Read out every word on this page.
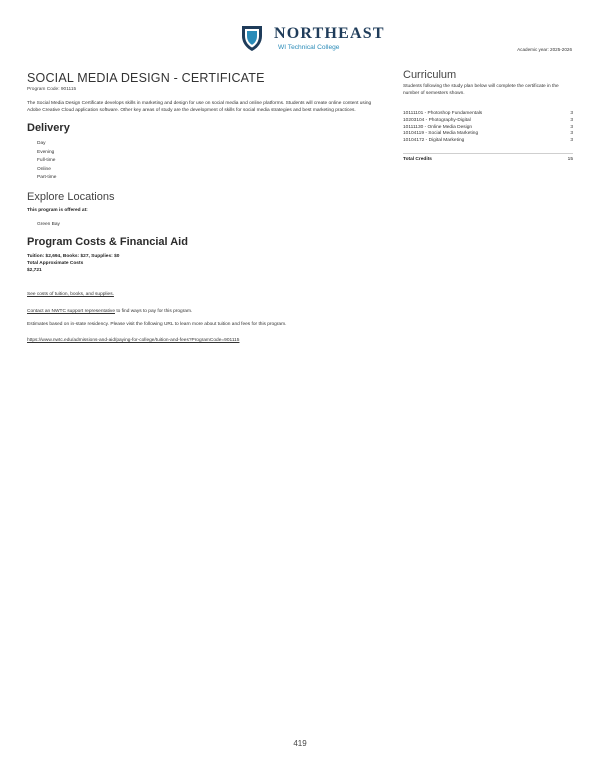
NORTHEAST
WI Technical College	Academic year: 2025-2026
SOCIAL MEDIA DESIGN - CERTIFICATE
Program Code: 901115

The Social Media Design Certificate develops skills in marketing and design for use on social media and online platforms. Students will create online content using Adobe Creative Cloud application software. Other key areas of study are the development of skills for social media strategies and best marketing practices.

Delivery
Day
Evening
Full-time
Online
Part-time
Explore Locations
This program is offered at:
Green Bay
Program Costs & Financial Aid
Tuition: $2,694, Books: $27, Supplies: $0
Total Approximate Costs
$2,721
See costs of tuition, books, and supplies.
Contact an NWTC support representative to find ways to pay for this program.
Estimates based on in-state residency. Please visit the following URL to learn more about tuition and fees for this program.
https://www.nwtc.edu/admissions-and-aid/paying-for-college/tuition-and-fees?ProgramCode=901115
Curriculum

Students following the study plan below will complete the certificate in the number of semesters shown.

10111101 - Photoshop Fundamentals	3
10203104 - Photography-Digital	3
10111130 - Online Media Design	3
10104119 - Social Media Marketing	3
10104172 - Digital Marketing	3
Total Credits	15
419
